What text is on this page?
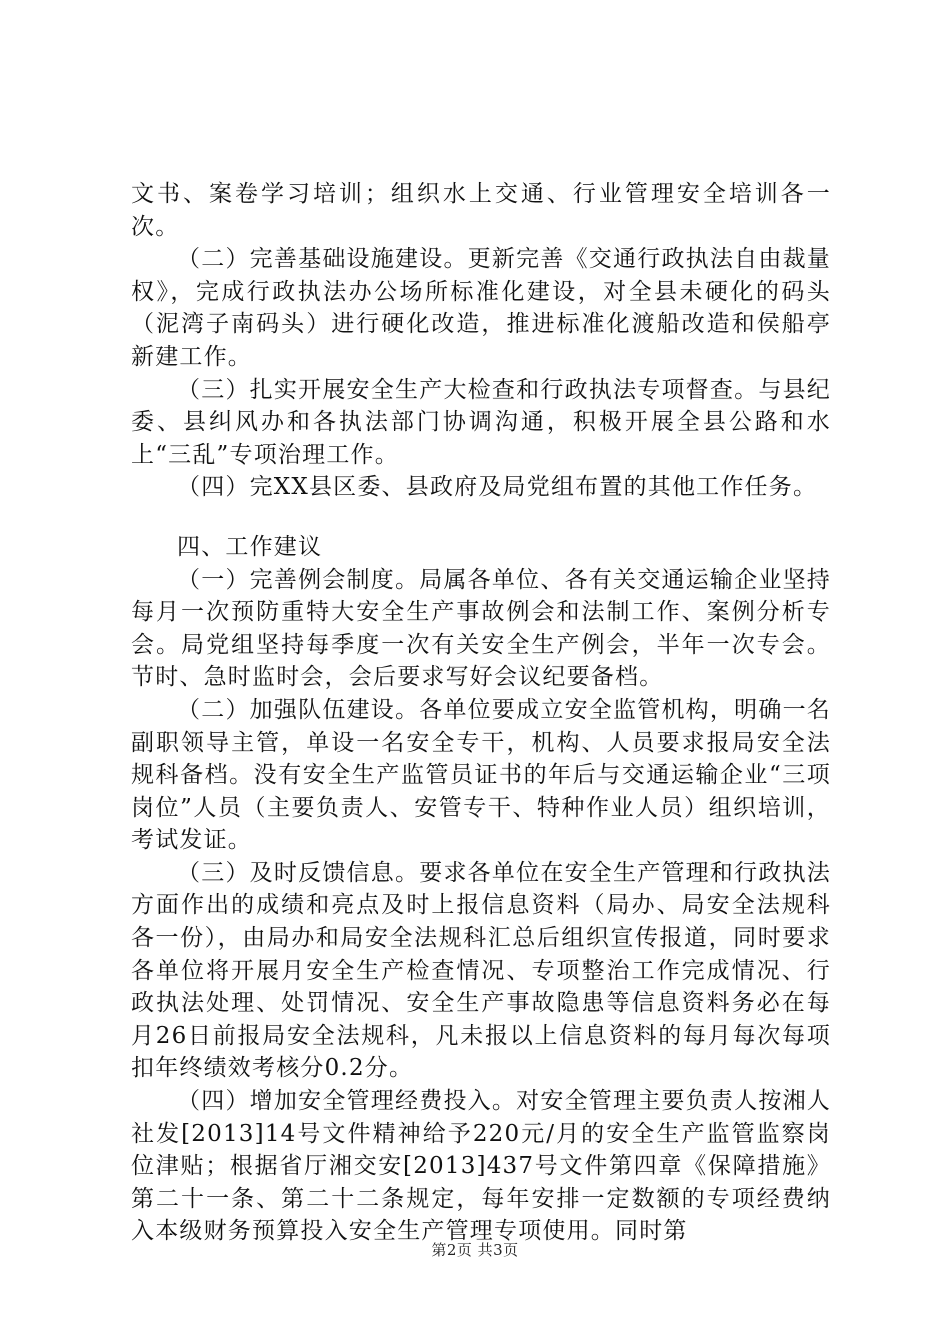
文书、案卷学习培训；组织水上交通、行业管理安全培训各一次。

（二）完善基础设施建设。更新完善《交通行政执法自由裁量权》，完成行政执法办公场所标准化建设，对全县未硬化的码头（泥湾子南码头）进行硬化改造，推进标准化渡船改造和侯船亭新建工作。

（三）扎实开展安全生产大检查和行政执法专项督查。与县纪委、县纠风办和各执法部门协调沟通，积极开展全县公路和水上“三乱”专项治理工作。

（四）完XX县区委、县政府及局党组布置的其他工作任务。

四、工作建议

（一）完善例会制度。局属各单位、各有关交通运输企业坚持每月一次预防重特大安全生产事故例会和法制工作、案例分析专会。局党组坚持每季度一次有关安全生产例会，半年一次专会。节时、急时监时会，会后要求写好会议纪要备档。

（二）加强队伍建设。各单位要成立安全监管机构，明确一名副职领导主管，单设一名安全专干，机构、人员要求报局安全法规科备档。没有安全生产监管员证书的年后与交通运输企业“三项岗位”人员（主要负责人、安管专干、特种作业人员）组织培训，考试发证。

（三）及时反馈信息。要求各单位在安全生产管理和行政执法方面作出的成绩和亮点及时上报信息资料（局办、局安全法规科各一份），由局办和局安全法规科汇总后组织宣传报道，同时要求各单位将开展月安全生产检查情况、专项整治工作完成情况、行政执法处理、处罚情况、安全生产事故隐患等信息资料务必在每月26日前报局安全法规科，凡未报以上信息资料的每月每次每项扣年终绩效考核分0.2分。

（四）增加安全管理经费投入。对安全管理主要负责人按湘人社发[2013]14号文件精神给予220元/月的安全生产监管监察岗位津贴；根据省厅湘交安[2013]437号文件第四章《保障措施》第二十一条、第二十二条规定，每年安排一定数额的专项经费纳入本级财务预算投入安全生产管理专项使用。同时第

第2页 共3页
